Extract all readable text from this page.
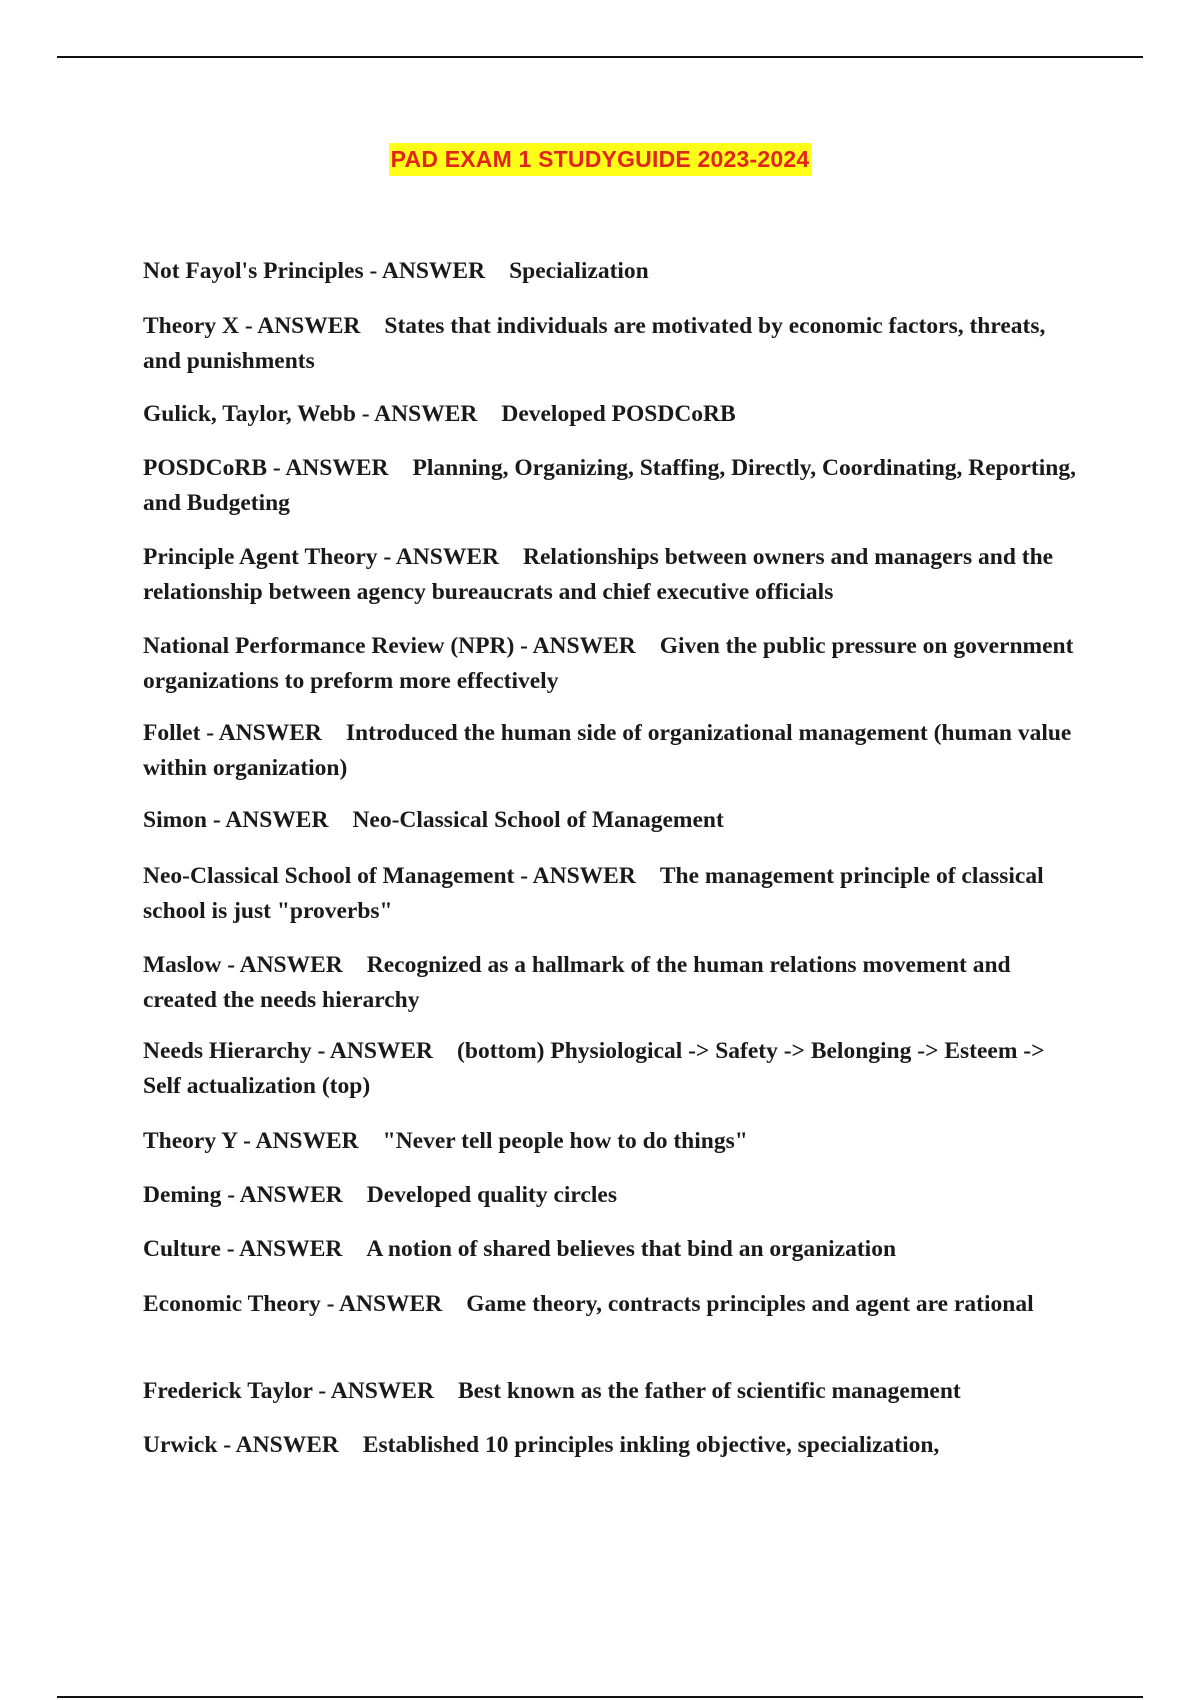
PAD EXAM 1 STUDYGUIDE 2023-2024
Not Fayol's Principles - ANSWER Specialization
Theory X - ANSWER States that individuals are motivated by economic factors, threats, and punishments
Gulick, Taylor, Webb - ANSWER Developed POSDCoRB
POSDCoRB - ANSWER Planning, Organizing, Staffing, Directly, Coordinating, Reporting, and Budgeting
Principle Agent Theory - ANSWER Relationships between owners and managers and the relationship between agency bureaucrats and chief executive officials
National Performance Review (NPR) - ANSWER Given the public pressure on government organizations to preform more effectively
Follet - ANSWER Introduced the human side of organizational management (human value within organization)
Simon - ANSWER Neo-Classical School of Management
Neo-Classical School of Management - ANSWER The management principle of classical school is just "proverbs"
Maslow - ANSWER Recognized as a hallmark of the human relations movement and created the needs hierarchy
Needs Hierarchy - ANSWER (bottom) Physiological -> Safety -> Belonging -> Esteem -> Self actualization (top)
Theory Y - ANSWER "Never tell people how to do things"
Deming - ANSWER Developed quality circles
Culture - ANSWER A notion of shared believes that bind an organization
Economic Theory - ANSWER Game theory, contracts principles and agent are rational
Frederick Taylor - ANSWER Best known as the father of scientific management
Urwick - ANSWER Established 10 principles inkling objective, specialization,
